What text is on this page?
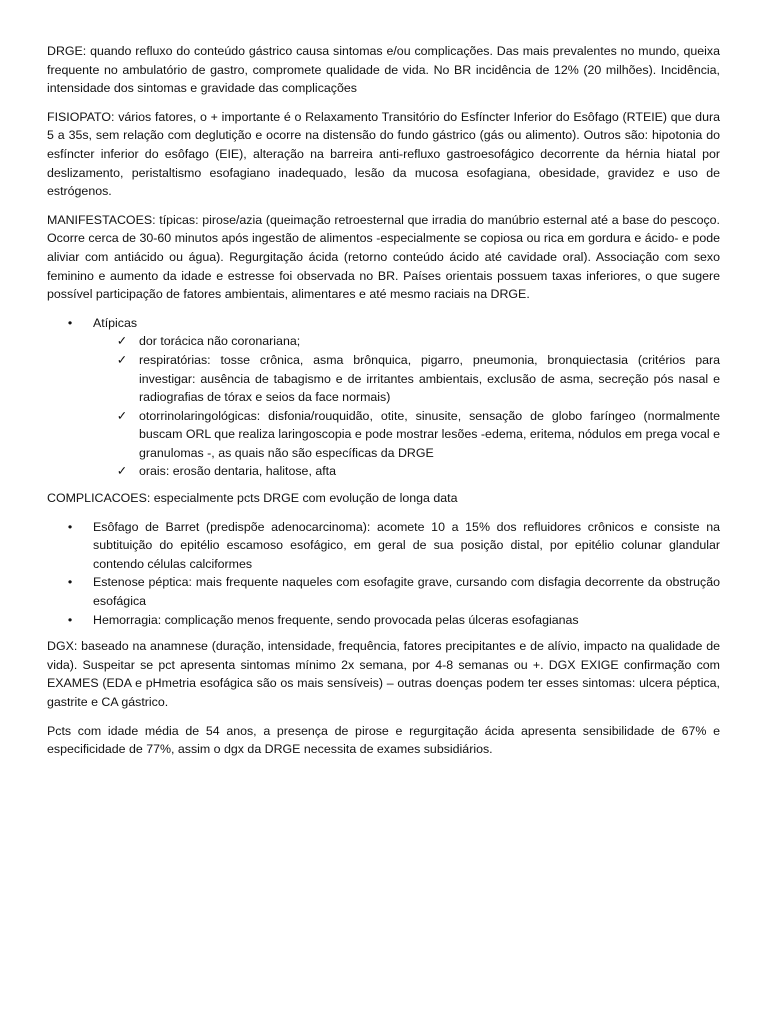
DRGE: quando refluxo do conteúdo gástrico causa sintomas e/ou complicações. Das mais prevalentes no mundo, queixa frequente no ambulatório de gastro, compromete qualidade de vida. No BR incidência de 12% (20 milhões). Incidência, intensidade dos sintomas e gravidade das complicações

FISIOPATO: vários fatores, o + importante é o Relaxamento Transitório do Esfíncter Inferior do Esôfago (RTEIE) que dura 5 a 35s, sem relação com deglutição e ocorre na distensão do fundo gástrico (gás ou alimento). Outros são: hipotonia do esfíncter inferior do esôfago (EIE), alteração na barreira anti-refluxo gastroesofágico decorrente da hérnia hiatal por deslizamento, peristaltismo esofagiano inadequado, lesão da mucosa esofagiana, obesidade, gravidez e uso de estrógenos.

MANIFESTACOES: típicas: pirose/azia (queimação retroesternal que irradia do manúbrio esternal até a base do pescoço. Ocorre cerca de 30-60 minutos após ingestão de alimentos -especialmente se copiosa ou rica em gordura e ácido- e pode aliviar com antiácido ou água). Regurgitação ácida (retorno conteúdo ácido até cavidade oral). Associação com sexo feminino e aumento da idade e estresse foi observada no BR. Países orientais possuem taxas inferiores, o que sugere possível participação de fatores ambientais, alimentares e até mesmo raciais na DRGE.

• Atípicas
✓ dor torácica não coronariana;
✓ respiratórias: tosse crônica, asma brônquica, pigarro, pneumonia, bronquiectasia (critérios para investigar: ausência de tabagismo e de irritantes ambientais, exclusão de asma, secreção pós nasal e radiografias de tórax e seios da face normais)
✓ otorrinolaringológicas: disfonia/rouquidão, otite, sinusite, sensação de globo faríngeo (normalmente buscam ORL que realiza laringoscopia e pode mostrar lesões -edema, eritema, nódulos em prega vocal e granulomas -, as quais não são específicas da DRGE
✓ orais: erosão dentaria, halitose, afta

COMPLICACOES: especialmente pcts DRGE com evolução de longa data

• Esôfago de Barret (predispõe adenocarcinoma): acomete 10 a 15% dos refluidores crônicos e consiste na subtituição do epitélio escamoso esofágico, em geral de sua posição distal, por epitélio colunar glandular contendo células calciformes
• Estenose péptica: mais frequente naqueles com esofagite grave, cursando com disfagia decorrente da obstrução esofágica
• Hemorragia: complicação menos frequente, sendo provocada pelas úlceras esofagianas

DGX: baseado na anamnese (duração, intensidade, frequência, fatores precipitantes e de alívio, impacto na qualidade de vida). Suspeitar se pct apresenta sintomas mínimo 2x semana, por 4-8 semanas ou +. DGX EXIGE confirmação com EXAMES (EDA e pHmetria esofágica são os mais sensíveis) – outras doenças podem ter esses sintomas: ulcera péptica, gastrite e CA gástrico.

Pcts com idade média de 54 anos, a presença de pirose e regurgitação ácida apresenta sensibilidade de 67% e especificidade de 77%, assim o dgx da DRGE necessita de exames subsidiários.
